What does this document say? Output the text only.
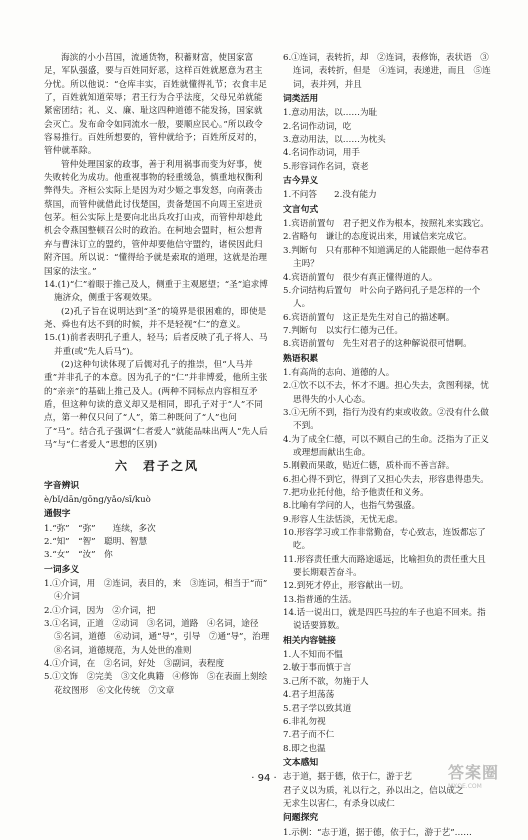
海滨的小小莒国，流通货物，积蓄财富，使国家富足，军队强盛，要与百姓同好恶，这样百姓就愿意为君主分忧。所以他说：“仓库丰实，百姓就懂得礼节；衣食丰足了，百姓就知道荣辱；君王行为合乎法度，父母兄弟就能紧密团结；礼、义、廉、耻这四种道德不能发扬，国家就会灭亡。发布命令如同流水一般，要顺应民心。”所以政令容易推行。百姓所想要的，管仲就给予；百姓所反对的，管仲就革除。

管仲处理国家的政事，善于利用祸事而变为好事，使失败转化为成功。他重视事物的轻重缓急，慎重地权衡利弊得失。齐桓公实际上是因为对少姬之事发怒，向南袭击蔡国，而管仲就借此讨伐楚国，责备楚国不向周王室进贡包茅。桓公实际上是要向北出兵攻打山戎，而管仲却趁此机会令燕国整顿召公时的政治。在柯地会盟时，桓公想背弃与曹沫订立的盟约，管仲却要他信守盟约，诸侯因此归附齐国。所以说：“懂得给予就是索取的道理，这就是治理国家的法宝。”

14.(1)“仁”着眼于推己及人，侧重于主观愿望；“圣”追求博施济众，侧重于客观效果。

(2)孔子旨在说明达到“圣”的境界是很困难的，即使是尧、舜也有达不到的时候，并不是轻视“仁”的意义。

15.(1)前者表明孔子重人，轻马；后者反映了孔子将人、马并重(或“先人后马”)。

(2)这种句读体现了后儒对孔子的推崇，但“人马并重”并非孔子的本意。因为孔子的“仁”并非博爱，他所主张的“亲亲”的基础上推己及人。(两种不同标点内容相互矛盾，但这种句读的意义却又是相同，即孔子对于“人”不同点，第一种仅只问了“人”，第二种既问了“人”也问了“马”。结合孔子强调“仁者爱人”就能品味出两人“先人后马”与“仁者爱人”思想的区别)

六　君子之风
字音辨识

è/bǐ/dān/gōng/yǎo/sī/kuò

通假字

1.“弥”　“弥”　　连续，多次

2.“知”　“智”　聪明、智慧

3.“女”　“汝”　你

一词多义

1.①介词，用　②连词，表目的，来　③连词，相当于“而”　④介词

2.①介词，因为　②介词，把

3.①名词，正道　②动词　③名词，道路　④名词，途径　⑤名词，道德　⑥动词，通“导”，引导　⑦通“导”，治理　⑧名词，道德规范，为人处世的准则

4.①介词，在　②名词，好处　③副词，表程度

5.①文饰　②完美　③文化典籍　④修饰　⑤在表面上刻绘花纹图形　⑥文化传统　⑦文章

6.①连词，表转折，却　②连词，表修饰，表状语　③连词，表转折，但是　④连词，表递进，而且　⑤连词，表并列，并且

词类活用

1.意动用法，以……为耻

2.名词作动词，吃

3.意动用法，以……为枕头

4.名词作动词，用手

5.形容词作名词，衰老

古今异义

1.不问答　　2.没有能力

文言句式

1.宾语前置句　君子把义作为根本，按照礼来实践它。

2.省略句　谦让的态度说出来，用诚信来完成它。

3.判断句　只有那种不知道满足的人能跟他一起侍奉君主吗？

4.宾语前置句　很少有真正懂得道的人。

5.介词结构后置句　叶公向子路问孔子是怎样的一个人。

6.宾语前置句　这正是先生对自己的描述啊。

7.判断句　以实行仁德为己任。

8.宾语前置句　先生对君子的这种解说很可惜啊。

熟语积累

1.有高尚的志向、道德的人。

2.①饮不以不去，怀才不遇。担心失去，贪图利禄，忧思得失的小人心态。

3.①无所不到，指行为没有约束或收敛。②没有什么做不到。

4.为了成全仁德，可以不顾自己的生命。泛指为了正义或理想而献出生命。

5.刚毅而果敢，贴近仁德，质朴而不善言辞。

6.担心得不到它，得到了又担心失去，形容患得患失。

7.把功业托付他，给予他责任和义务。

8.比喻有学问的人，也指气势强盛。

9.形容人生法恬淡，无忧无虑。

10.形容学习或工作非常勤奋，专心致志，连饭都忘了吃。

11.形容责任重大而路途遥远，比喻担负的责任重大且要长期艰苦奋斗。

12.到死才停止，形容献出一切。

13.指普通的生活。

14.话一说出口，就是四匹马拉的车子也追不回来。指说话要算数。

相关内容链接

1.人不知而不愠

2.敏于事而慎于言

3.己所不欲，勿施于人

4.君子坦荡荡

5.君子学以致其道

6.非礼勿视

7.君子而不仁

8.即之也温

文本感知

志于道，据于德，依于仁，游于艺

君子义以为质，礼以行之，孙以出之，信以成之

无求生以害仁，有杀身以成仁

问题探究

1.示例：“志于道，据于德，依于仁，游于艺”……

· 94 ·	答案圈
MXQE.COM
